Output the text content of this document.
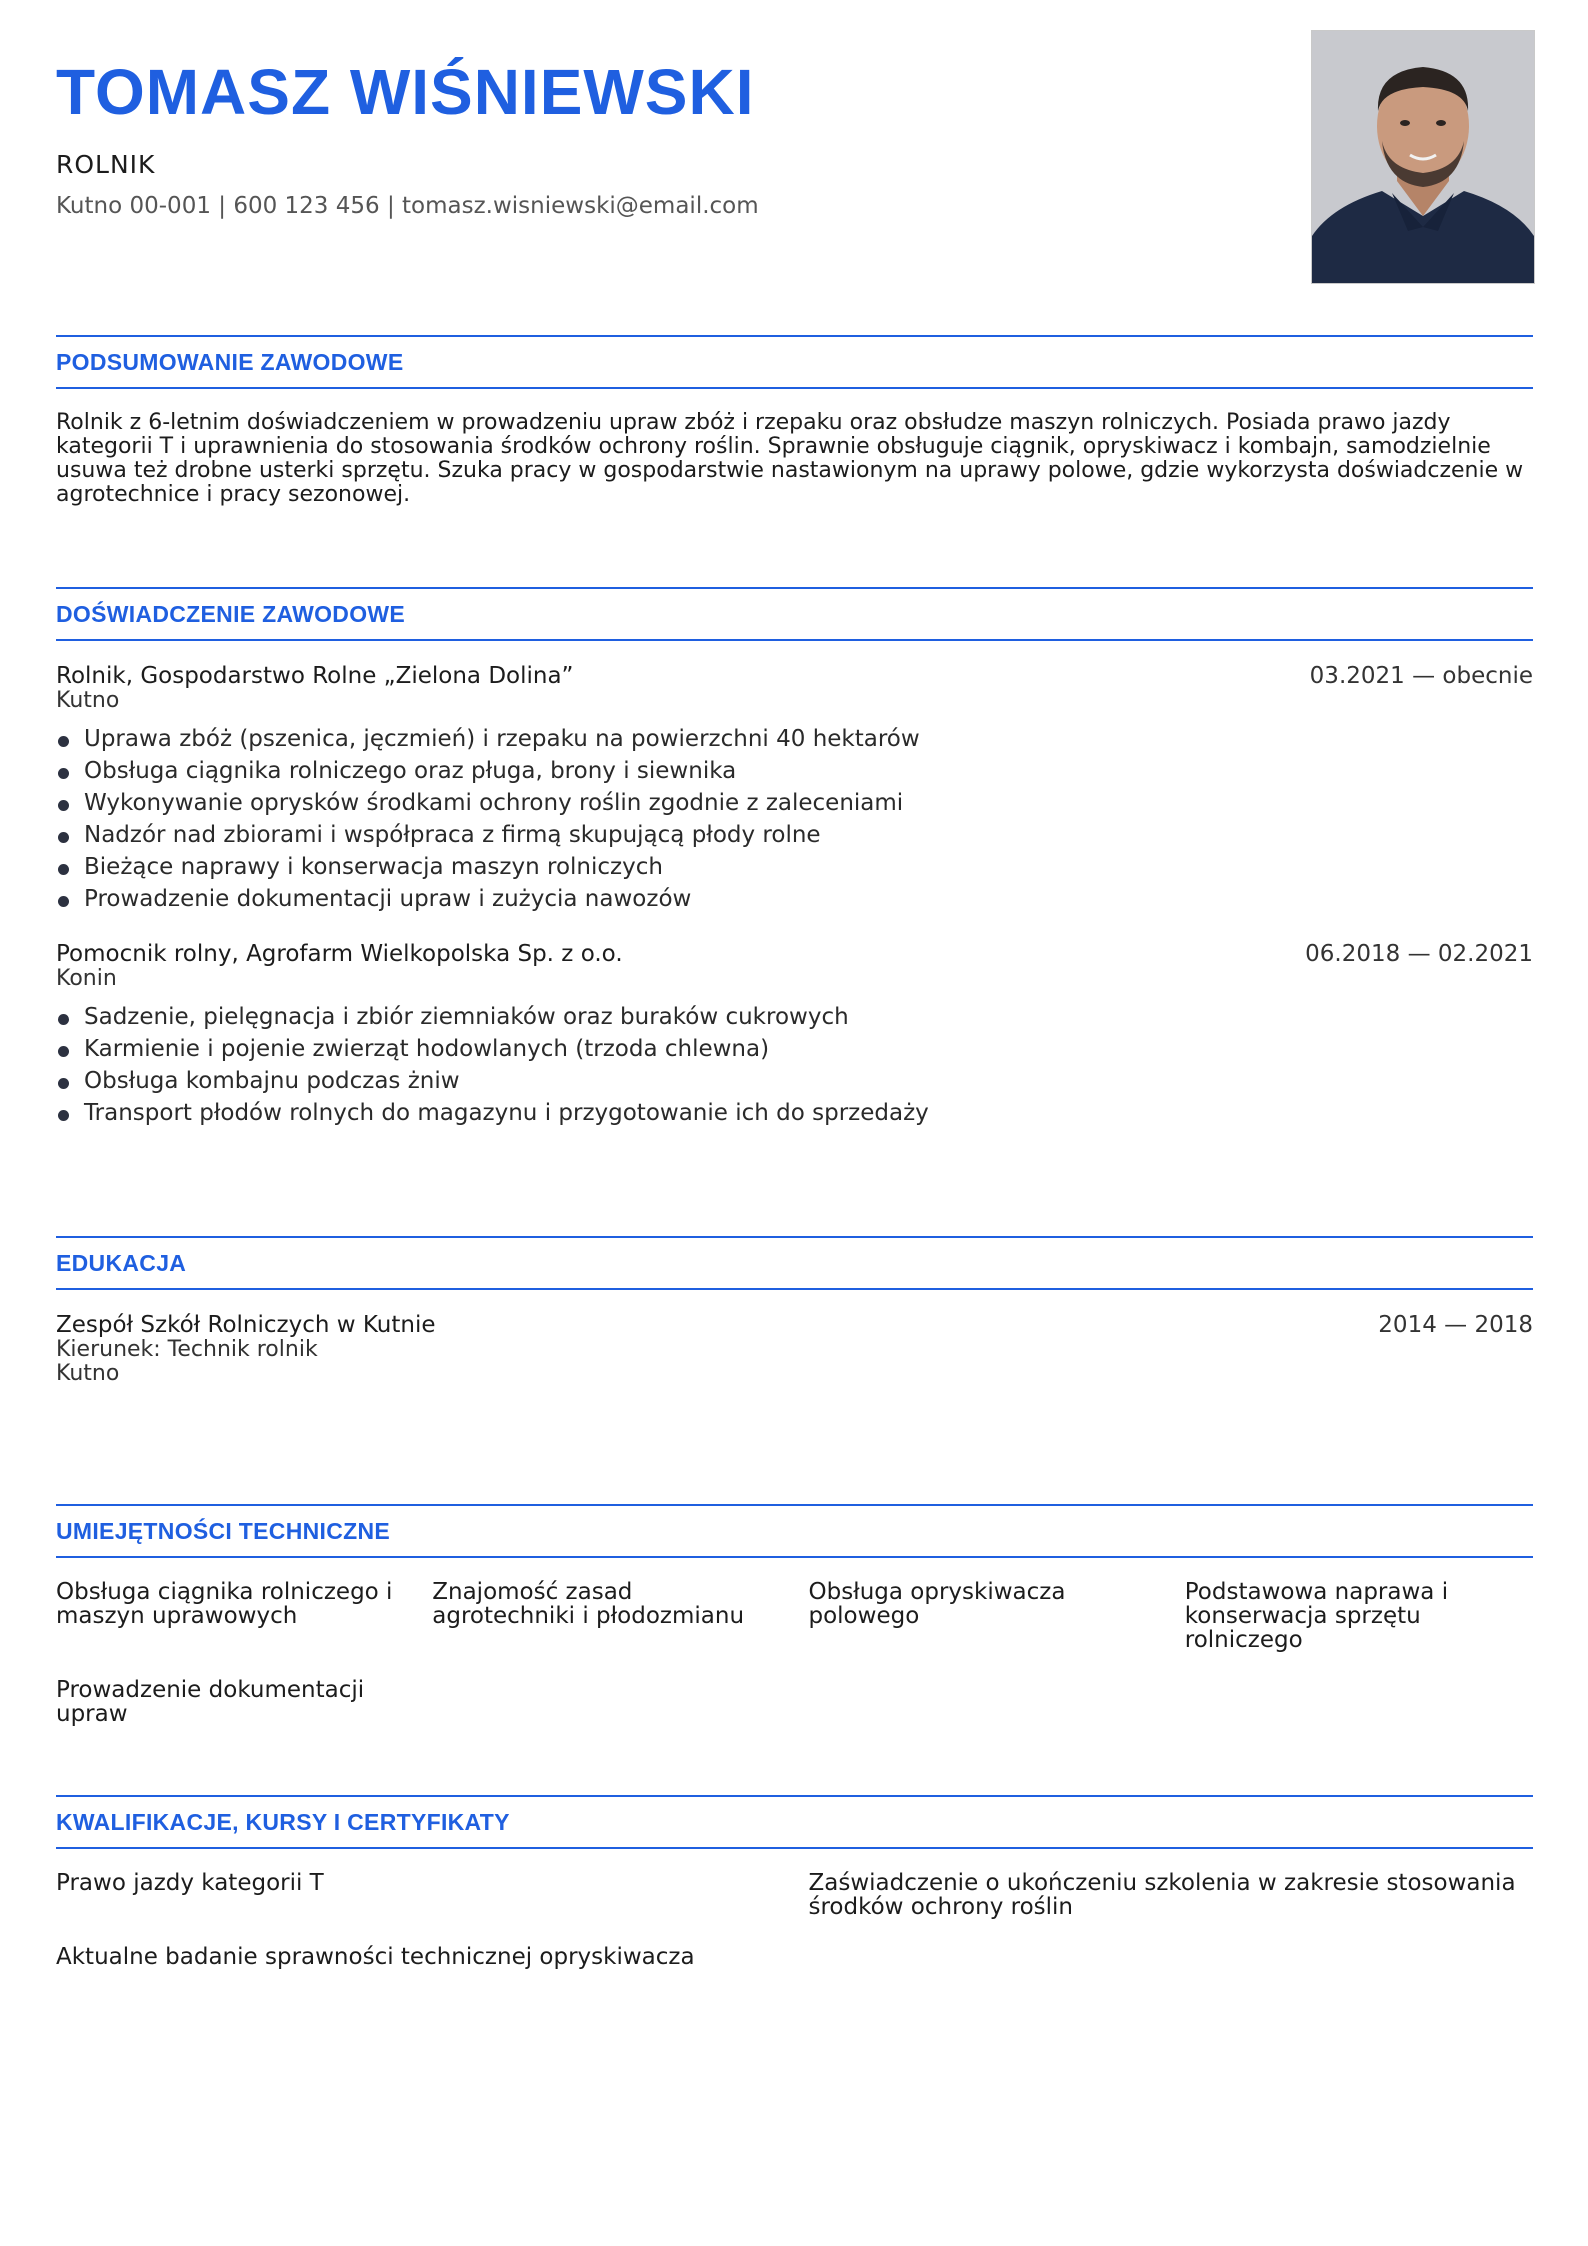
TOMASZ WIŚNIEWSKI
ROLNIK
Kutno 00-001 | 600 123 456 | tomasz.wisniewski@email.com
PODSUMOWANIE ZAWODOWE
Rolnik z 6-letnim doświadczeniem w prowadzeniu upraw zbóż i rzepaku oraz obsłudze maszyn rolniczych. Posiada prawo jazdy kategorii T i uprawnienia do stosowania środków ochrony roślin. Sprawnie obsługuje ciągnik, opryskiwacz i kombajn, samodzielnie usuwa też drobne usterki sprzętu. Szuka pracy w gospodarstwie nastawionym na uprawy polowe, gdzie wykorzysta doświadczenie w agrotechnice i pracy sezonowej.
DOŚWIADCZENIE ZAWODOWE
Rolnik, Gospodarstwo Rolne „Zielona Dolina”	03.2021 — obecnie
Kutno
Uprawa zbóż (pszenica, jęczmień) i rzepaku na powierzchni 40 hektarów
Obsługa ciągnika rolniczego oraz pługa, brony i siewnika
Wykonywanie oprysków środkami ochrony roślin zgodnie z zaleceniami
Nadzór nad zbiorami i współpraca z firmą skupującą płody rolne
Bieżące naprawy i konserwacja maszyn rolniczych
Prowadzenie dokumentacji upraw i zużycia nawozów
Pomocnik rolny, Agrofarm Wielkopolska Sp. z o.o.	06.2018 — 02.2021
Konin
Sadzenie, pielęgnacja i zbiór ziemniaków oraz buraków cukrowych
Karmienie i pojenie zwierząt hodowlanych (trzoda chlewna)
Obsługa kombajnu podczas żniw
Transport płodów rolnych do magazynu i przygotowanie ich do sprzedaży
EDUKACJA
Zespół Szkół Rolniczych w Kutnie	2014 — 2018
Kierunek: Technik rolnik
Kutno
UMIEJĘTNOŚCI TECHNICZNE
Obsługa ciągnika rolniczego i maszyn uprawowych
Znajomość zasad agrotechniki i płodozmianu
Obsługa opryskiwacza polowego
Podstawowa naprawa i konserwacja sprzętu rolniczego
Prowadzenie dokumentacji upraw
KWALIFIKACJE, KURSY I CERTYFIKATY
Prawo jazdy kategorii T	Zaświadczenie o ukończeniu szkolenia w zakresie stosowania środków ochrony roślin
Aktualne badanie sprawności technicznej opryskiwacza
